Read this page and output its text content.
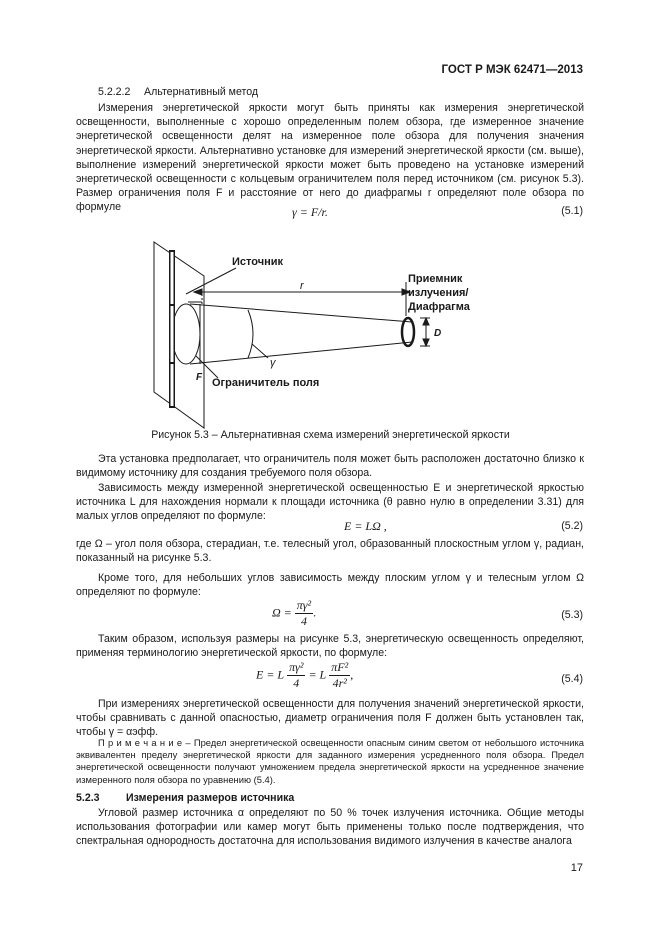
ГОСТ Р МЭК 62471—2013
5.2.2.2 Альтернативный метод
Измерения энергетической яркости могут быть приняты как измерения энергетической освещенности, выполненные с хорошо определенным полем обзора, где измеренное значение энергетической освещенности делят на измеренное поле обзора для получения значения энергетической яркости. Альтернативно установке для измерений энергетической яркости (см. выше), выполнение измерений энергетической яркости может быть проведено на установке измерений энергетической освещенности с кольцевым ограничителем поля перед источником (см. рисунок 5.3). Размер ограничения поля F и расстояние от него до диафрагмы r определяют поле обзора по формуле	γ = F/r.	(5.1)
Источник
Приемник
излучения/
Диафрагма
r
γ
D
F Ограничитель поля
Рисунок 5.3 – Альтернативная схема измерений энергетической яркости
Эта установка предполагает, что ограничитель поля может быть расположен достаточно близко к видимому источнику для создания требуемого поля обзора.
Зависимость между измеренной энергетической освещенностью E и энергетической яркостью источника L для нахождения нормали к площади источника (θ равно нулю в определении 3.31) для малых углов определяют по формуле:
E = LΩ ,	(5.2)
где Ω – угол поля обзора, стерадиан, т.е. телесный угол, образованный плоскостным углом γ, радиан, показанный на рисунке 5.3.
Кроме того, для небольших углов зависимость между плоским углом γ и телесным углом Ω определяют по формуле:
$\Omega = \frac{\text{πγ²}}{4}$ .	(5.3)
Таким образом, используя размеры на рисунке 5.3, энергетическую освещенность определяют, применяя терминологию энергетической яркости, по формуле:
E = L $\frac{\text{πγ²}}{4} = L \frac{\text{πF²}}{\text{4r²}}$ ,	(5.4)
При измерениях энергетической освещенности для получения значений энергетической яркости, чтобы сравнивать с данной опасностью, диаметр ограничения поля F должен быть установлен так, чтобы γ = αэфф.
П р и м е ч а н и е – Предел энергетической освещенности опасным синим светом от небольшого источника эквивалентен пределу энергетической яркости для заданного измерения усредненного поля обзора. Предел энергетической освещенности получают умножением предела энергетической яркости на усредненное значение измеренного поля обзора по уравнению (5.4).
5.2.3 Измерения размеров источника
Угловой размер источника α определяют по 50 % точек излучения источника. Общие методы использования фотографии или камер могут быть применены только после подтверждения, что спектральная однородность достаточна для использования видимого излучения в качестве аналога
17
